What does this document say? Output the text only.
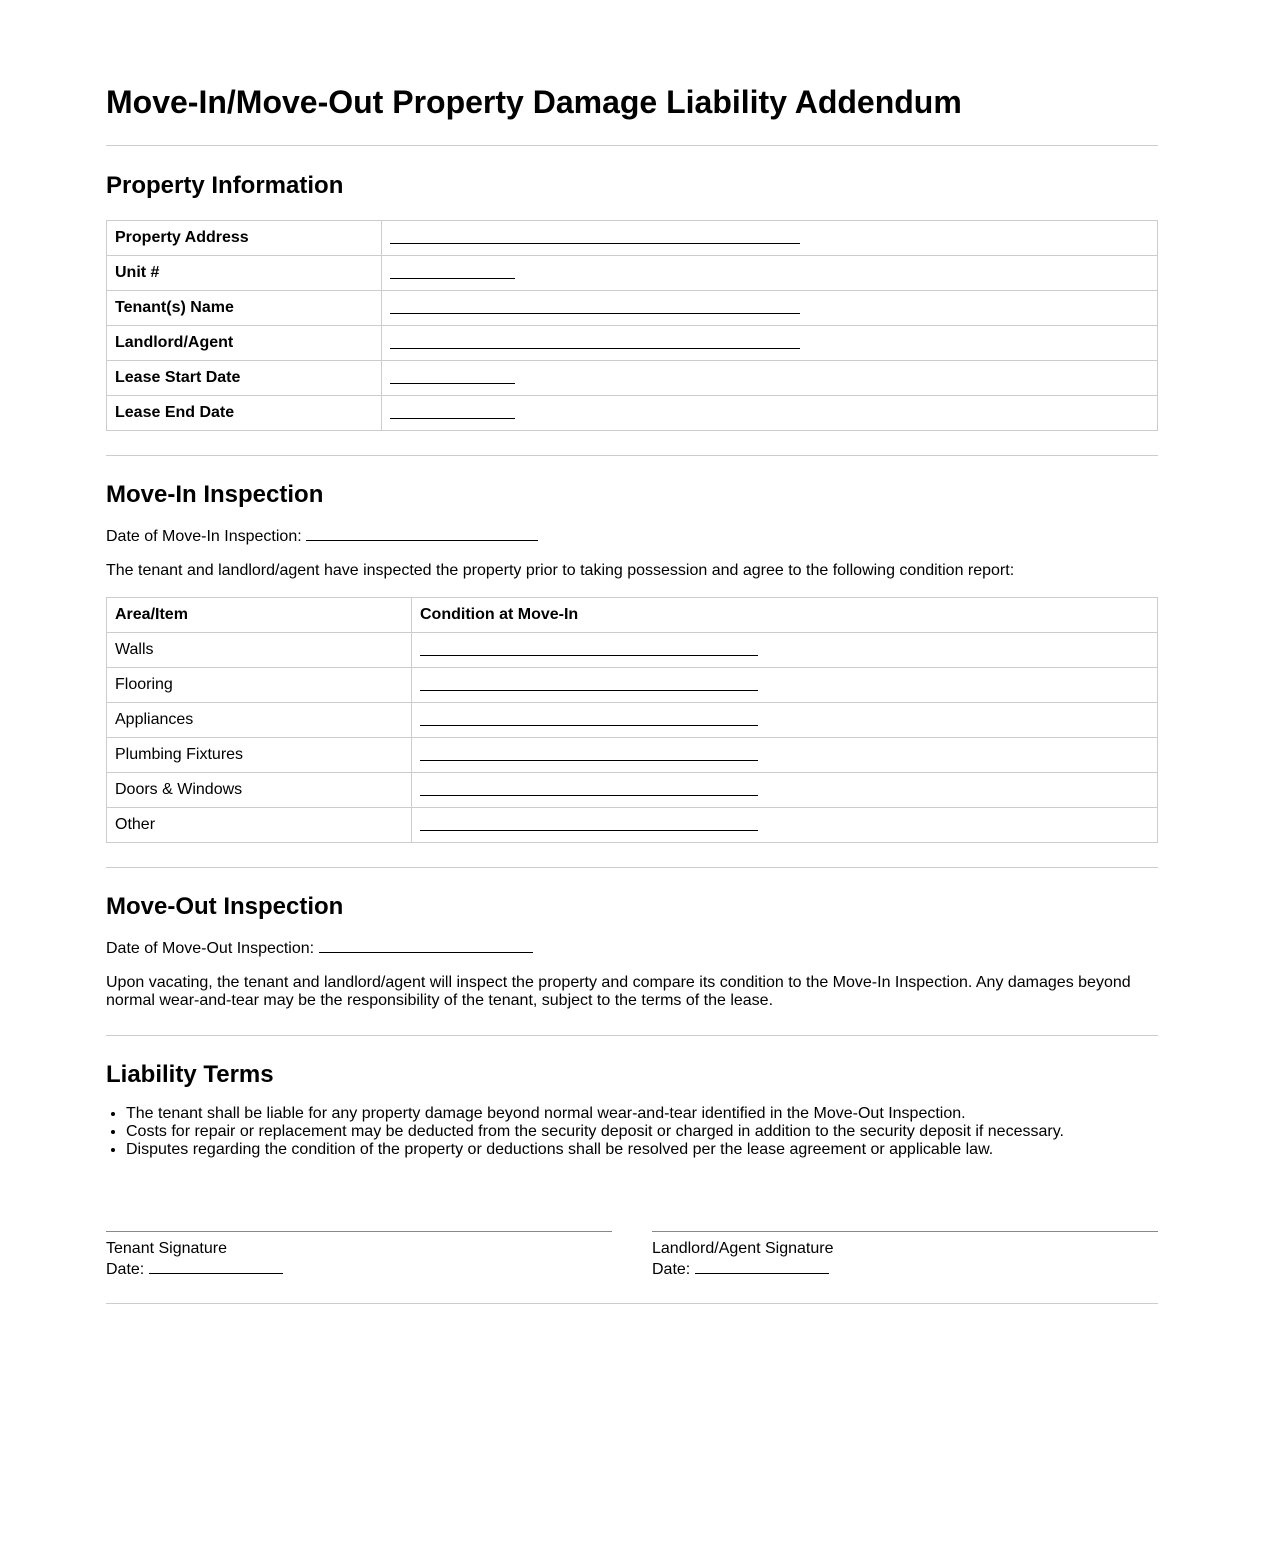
Move-In/Move-Out Property Damage Liability Addendum
Property Information
Property Address	
Unit #	
Tenant(s) Name	
Landlord/Agent	
Lease Start Date	
Lease End Date	
Move-In Inspection

Date of Move-In Inspection:

The tenant and landlord/agent have inspected the property prior to taking possession and agree to the following condition report:

Area/Item	Condition at Move-In
Walls	
Flooring	
Appliances	
Plumbing Fixtures	
Doors & Windows	
Other	
Move-Out Inspection

Date of Move-Out Inspection:

Upon vacating, the tenant and landlord/agent will inspect the property and compare its condition to the Move-In Inspection. Any damages beyond normal wear-and-tear may be the responsibility of the tenant, subject to the terms of the lease.

Liability Terms
• The tenant shall be liable for any property damage beyond normal wear-and-tear identified in the Move-Out Inspection.
• Costs for repair or replacement may be deducted from the security deposit or charged in addition to the security deposit if necessary.
• Disputes regarding the condition of the property or deductions shall be resolved per the lease agreement or applicable law.
Tenant Signature
Date:
Landlord/Agent Signature
Date:
